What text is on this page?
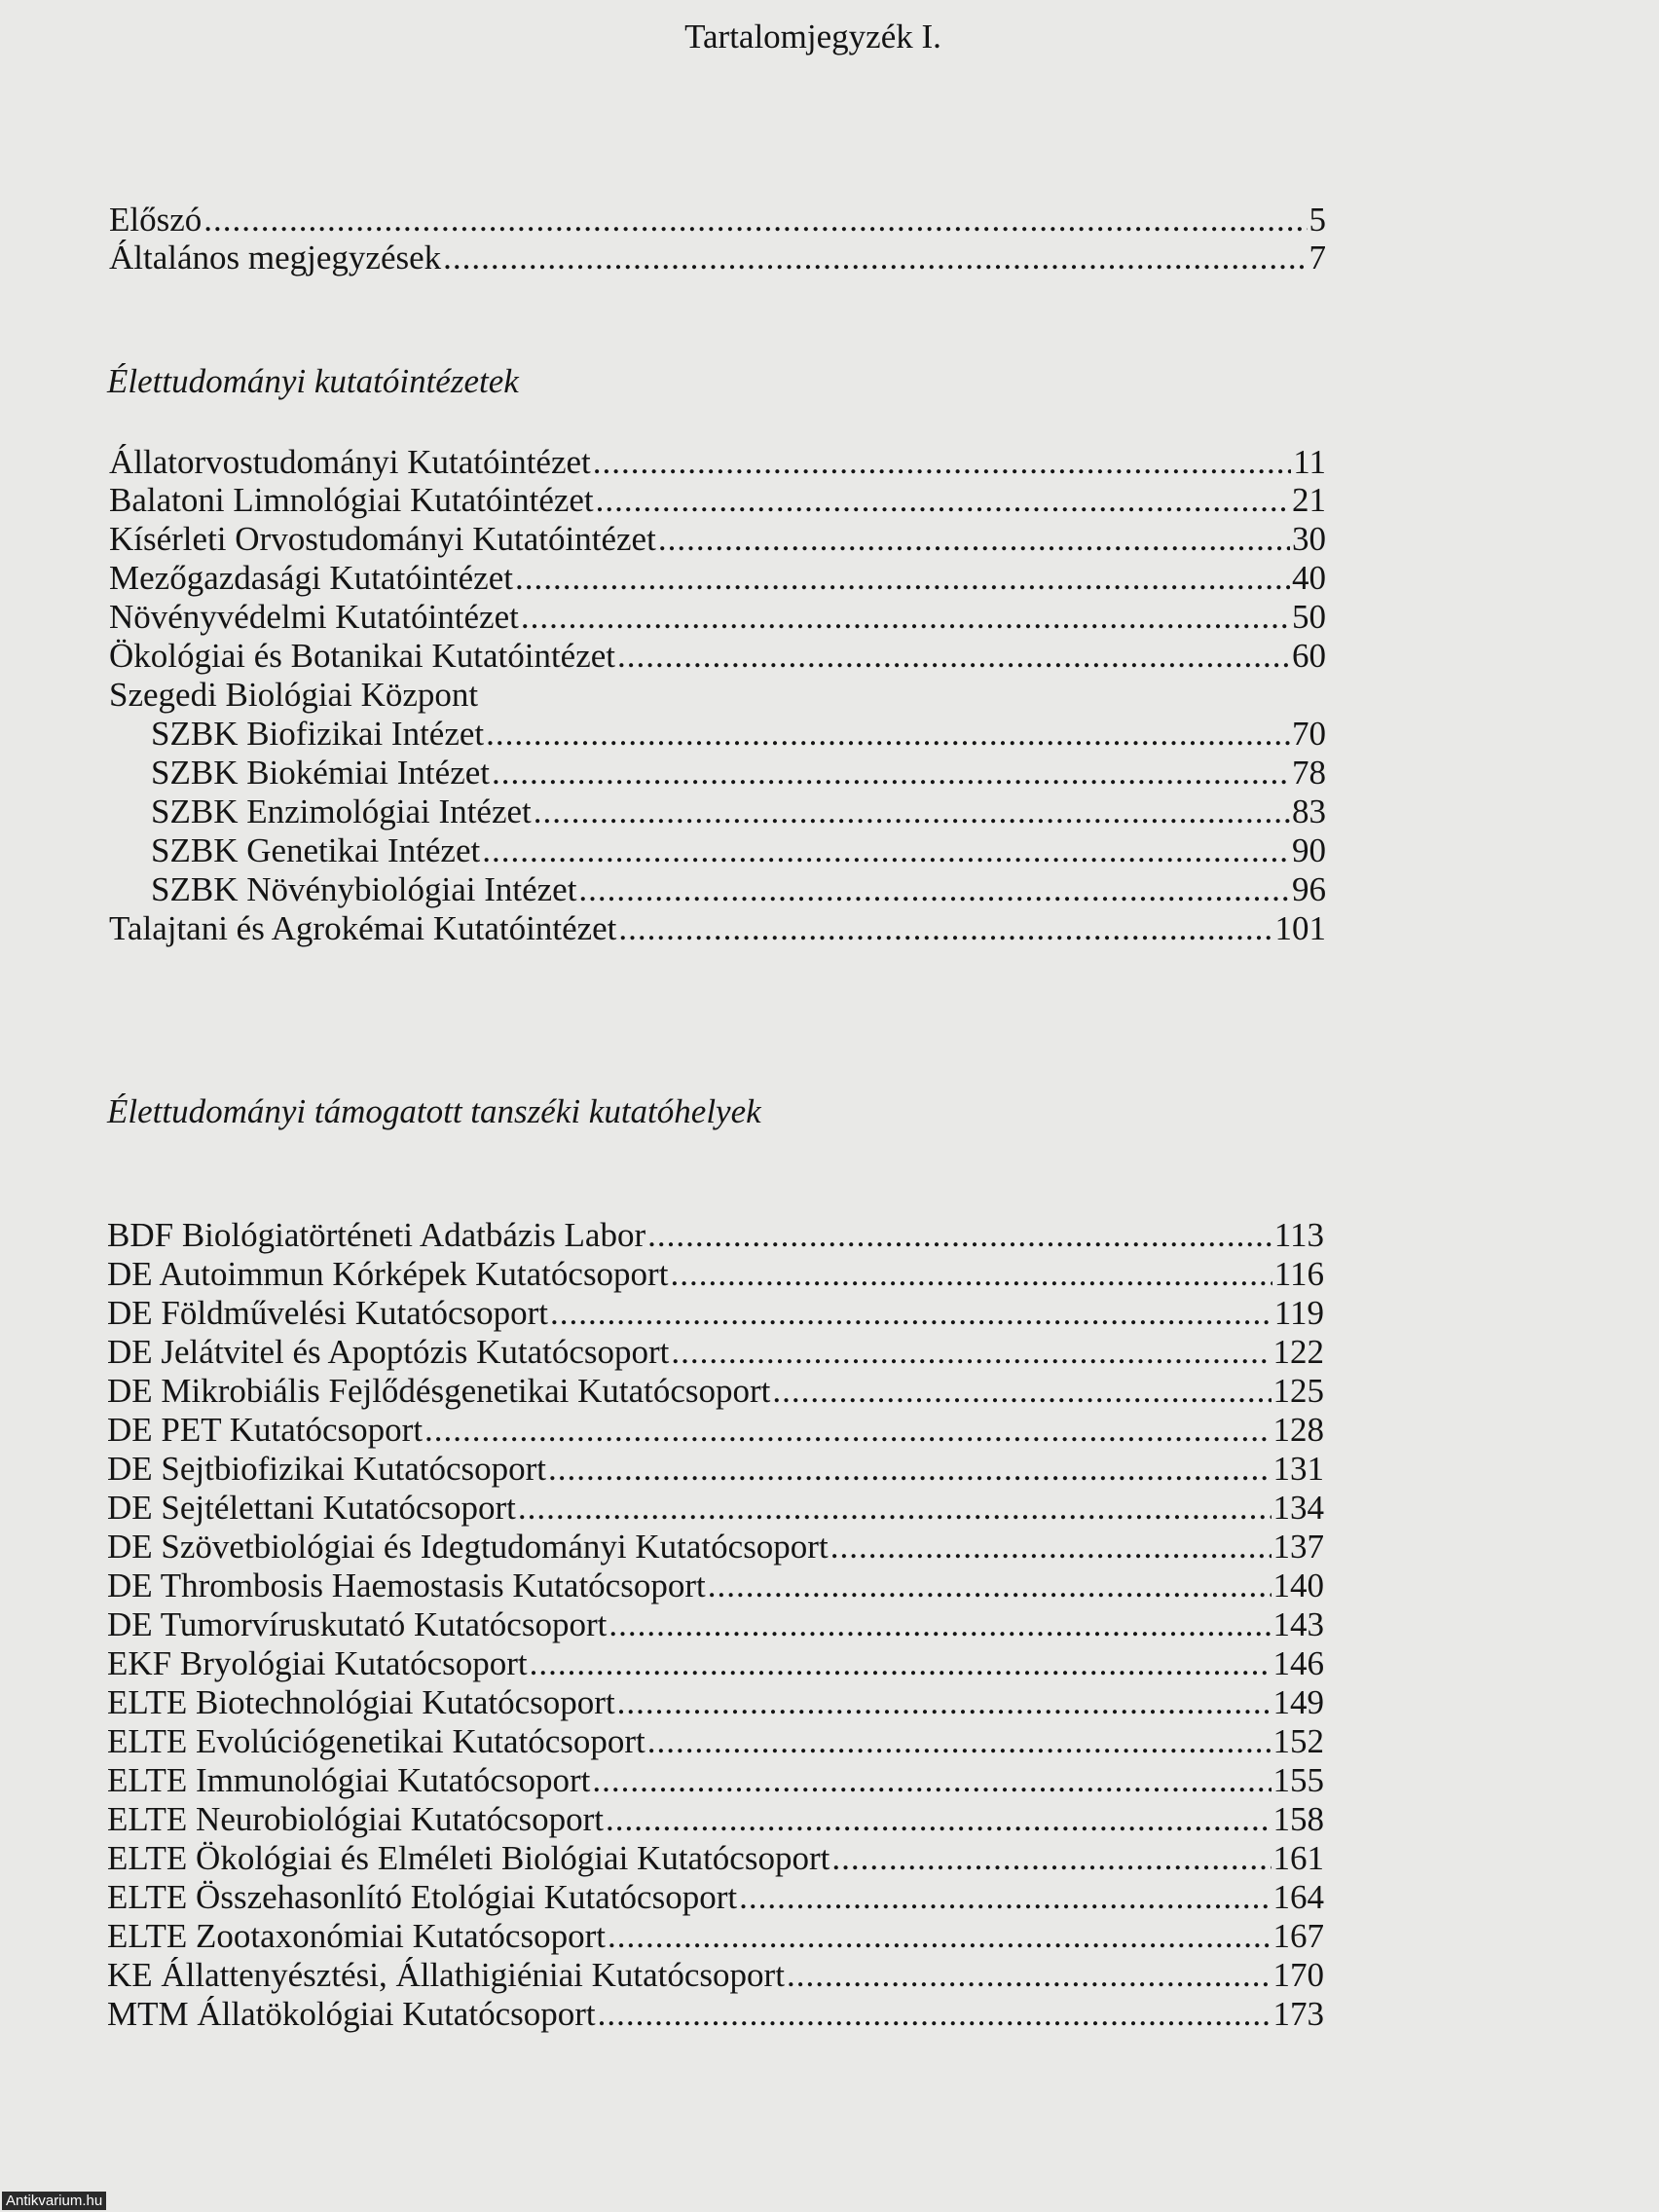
Tartalomjegyzék I.
Előszó .....	5
Általános megjegyzések .....	7
Élettudományi kutatóintézetek
Állatorvostudományi Kutatóintézet .....	11
Balatoni Limnológiai Kutatóintézet .....	21
Kísérleti Orvostudományi Kutatóintézet .....	30
Mezőgazdasági Kutatóintézet .....	40
Növényvédelmi Kutatóintézet .....	50
Ökológiai és Botanikai Kutatóintézet .....	60
Szegedi Biológiai Központ
SZBK Biofizikai Intézet .....	70
SZBK Biokémiai Intézet .....	78
SZBK Enzimológiai Intézet .....	83
SZBK Genetikai Intézet .....	90
SZBK Növénybiológiai Intézet .....	96
Talajtani és Agrokémai Kutatóintézet .....	101
Élettudományi támogatott tanszéki kutatóhelyek
BDF Biológiatörténeti Adatbázis Labor .....	113
DE Autoimmun Kórképek Kutatócsoport .....	116
DE Földművelési Kutatócsoport .....	119
DE Jelátvitel és Apoptózis Kutatócsoport .....	122
DE Mikrobiális Fejlődésgenetikai Kutatócsoport .....	125
DE PET Kutatócsoport .....	128
DE Sejtbiofizikai Kutatócsoport .....	131
DE Sejtélettani Kutatócsoport .....	134
DE Szövetbiológiai és Idegtudományi Kutatócsoport .....	137
DE Thrombosis Haemostasis Kutatócsoport .....	140
DE Tumorvíruskutató Kutatócsoport .....	143
EKF Bryológiai Kutatócsoport .....	146
ELTE Biotechnológiai Kutatócsoport .....	149
ELTE Evolúciógenetikai Kutatócsoport .....	152
ELTE Immunológiai Kutatócsoport .....	155
ELTE Neurobiológiai Kutatócsoport .....	158
ELTE Ökológiai és Elméleti Biológiai Kutatócsoport .....	161
ELTE Összehasonlító Etológiai Kutatócsoport .....	164
ELTE Zootaxonómiai Kutatócsoport .....	167
KE Állattenyésztési, Állathigiéniai Kutatócsoport .....	170
MTM Állatökológiai Kutatócsoport .....	173
Antikvarium.hu
